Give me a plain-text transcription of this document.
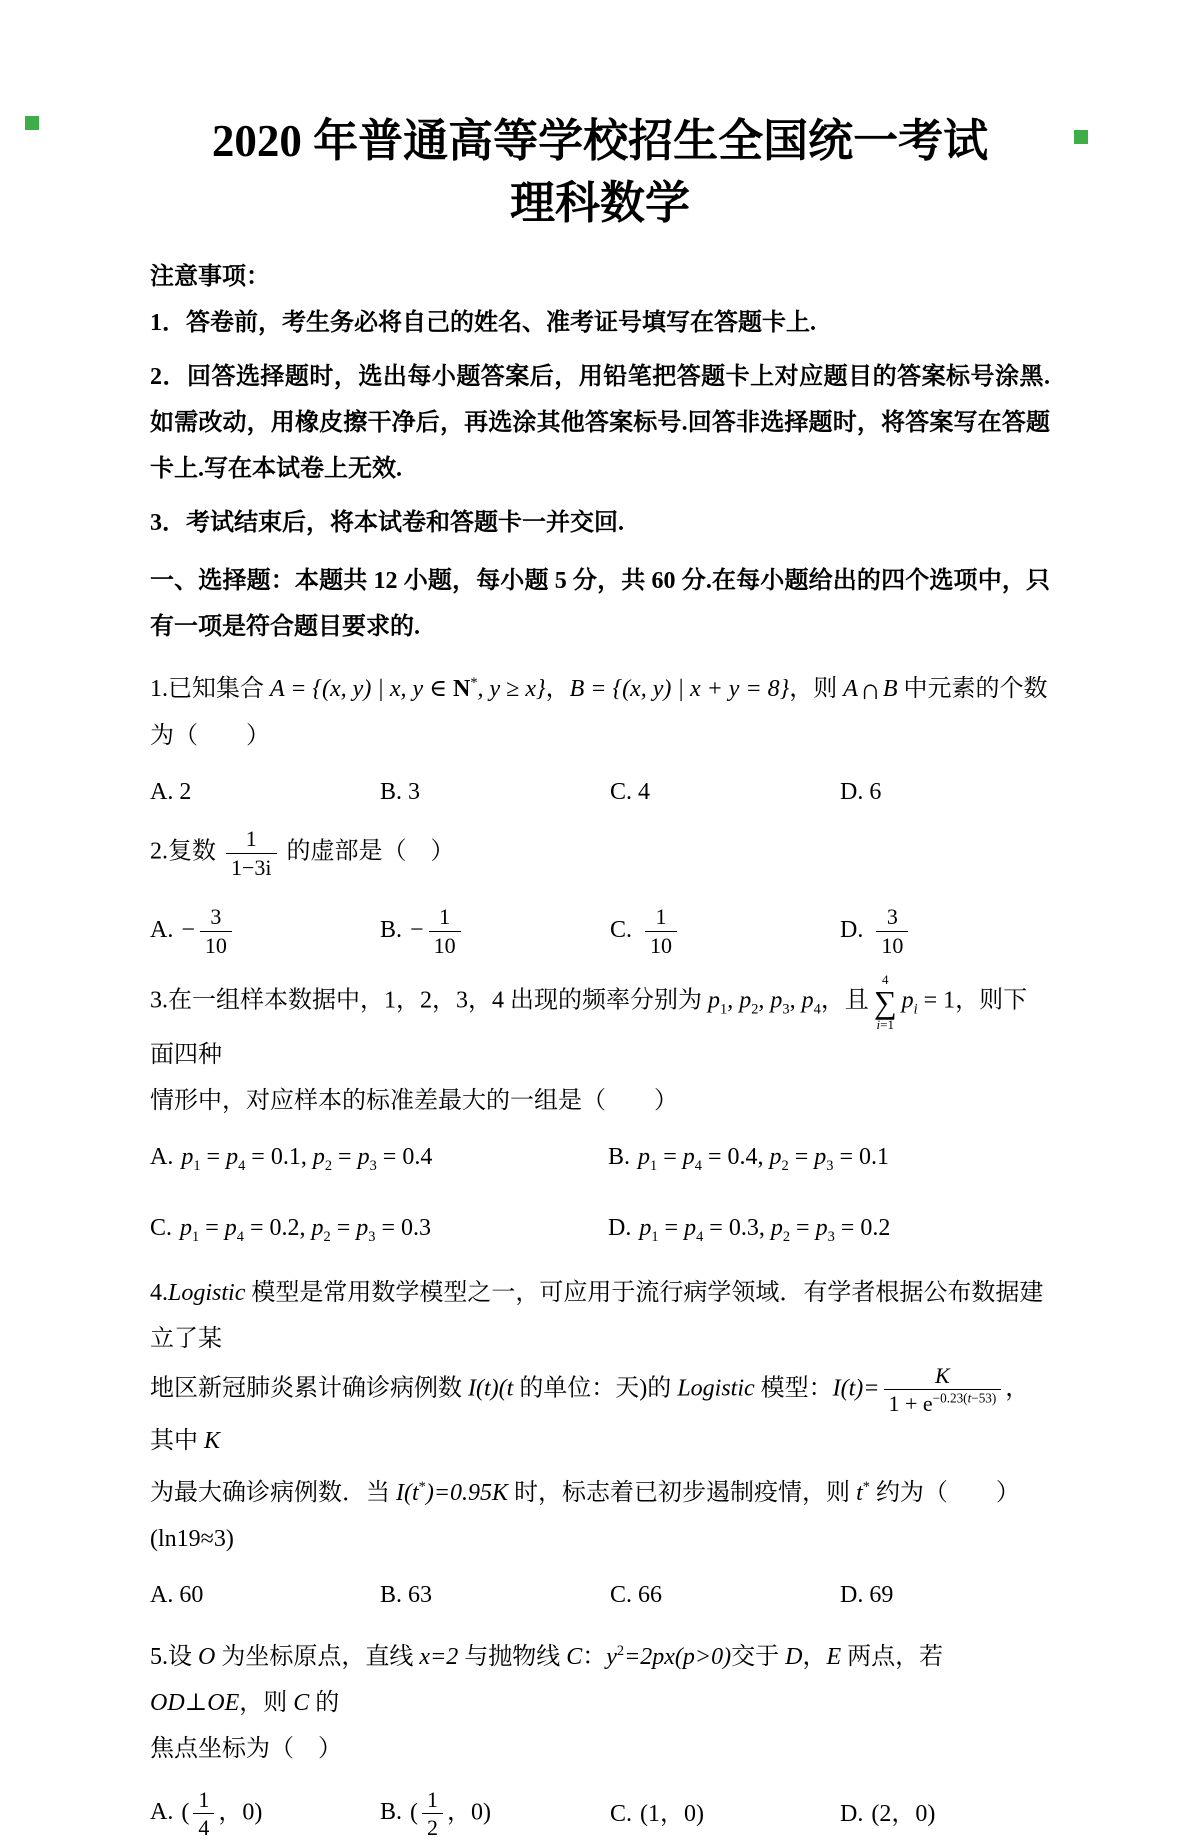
2020 年普通高等学校招生全国统一考试

理科数学

注意事项：

1．答卷前，考生务必将自己的姓名、准考证号填写在答题卡上.

2．回答选择题时，选出每小题答案后，用铅笔把答题卡上对应题目的答案标号涂黑.如需改动，用橡皮擦干净后，再选涂其他答案标号.回答非选择题时，将答案写在答题卡上.写在本试卷上无效.

3．考试结束后，将本试卷和答题卡一并交回.

一、选择题：本题共 12 小题，每小题 5 分，共 60 分.在每小题给出的四个选项中，只有一项是符合题目要求的.

1.已知集合 A = {(x, y) | x, y ∈ N*, y ≥ x}，B = {(x, y) | x + y = 8}，则 A∩B 中元素的个数为（　　）

A. 2	B. 3	C. 4	D. 6

2.复数 $\frac{1}{1-3i}$ 的虚部是（　）

A. − $\frac{3}{10}$	B. − $\frac{1}{10}$	C. $\frac{1}{10}$	D. $\frac{3}{10}$

3.在一组样本数据中，1，2，3，4 出现的频率分别为 $p_1$, $p_2$, $p_3$, $p_4$，且
4
∑
i=1
$p_i = 1$，则下面四种

情形中，对应样本的标准差最大的一组是（　　）

A. $p_1 = p_4 = 0.1$, $p_2 = p_3 = 0.4$	B. $p_1 = p_4 = 0.4$, $p_2 = p_3 = 0.1$
C. $p_1 = p_4 = 0.2$, $p_2 = p_3 = 0.3$	D. $p_1 = p_4 = 0.3$, $p_2 = p_3 = 0.2$

4.Logistic 模型是常用数学模型之一，可应用于流行病学领域．有学者根据公布数据建立了某

地区新冠肺炎累计确诊病例数 I(t)(t 的单位：天)的 Logistic 模型：$I(t)= \frac{K}{1 + e^{-0.23(t-53)}}$ ，其中 K

为最大确诊病例数．当 I(t*)=0.95K 时，标志着已初步遏制疫情，则 t* 约为（　　）(ln19≈3)

A. 60	B. 63	C. 66	D. 69

5.设 O 为坐标原点，直线 x=2 与抛物线 C：$y^2=2px(p>0)$交于 D，E 两点，若 OD⊥OE，则 C 的

焦点坐标为（　）

A. ( $\frac{1}{4}$ ，0)	B. ( $\frac{1}{2}$ ，0)	C. (1，0)	D. (2，0)
